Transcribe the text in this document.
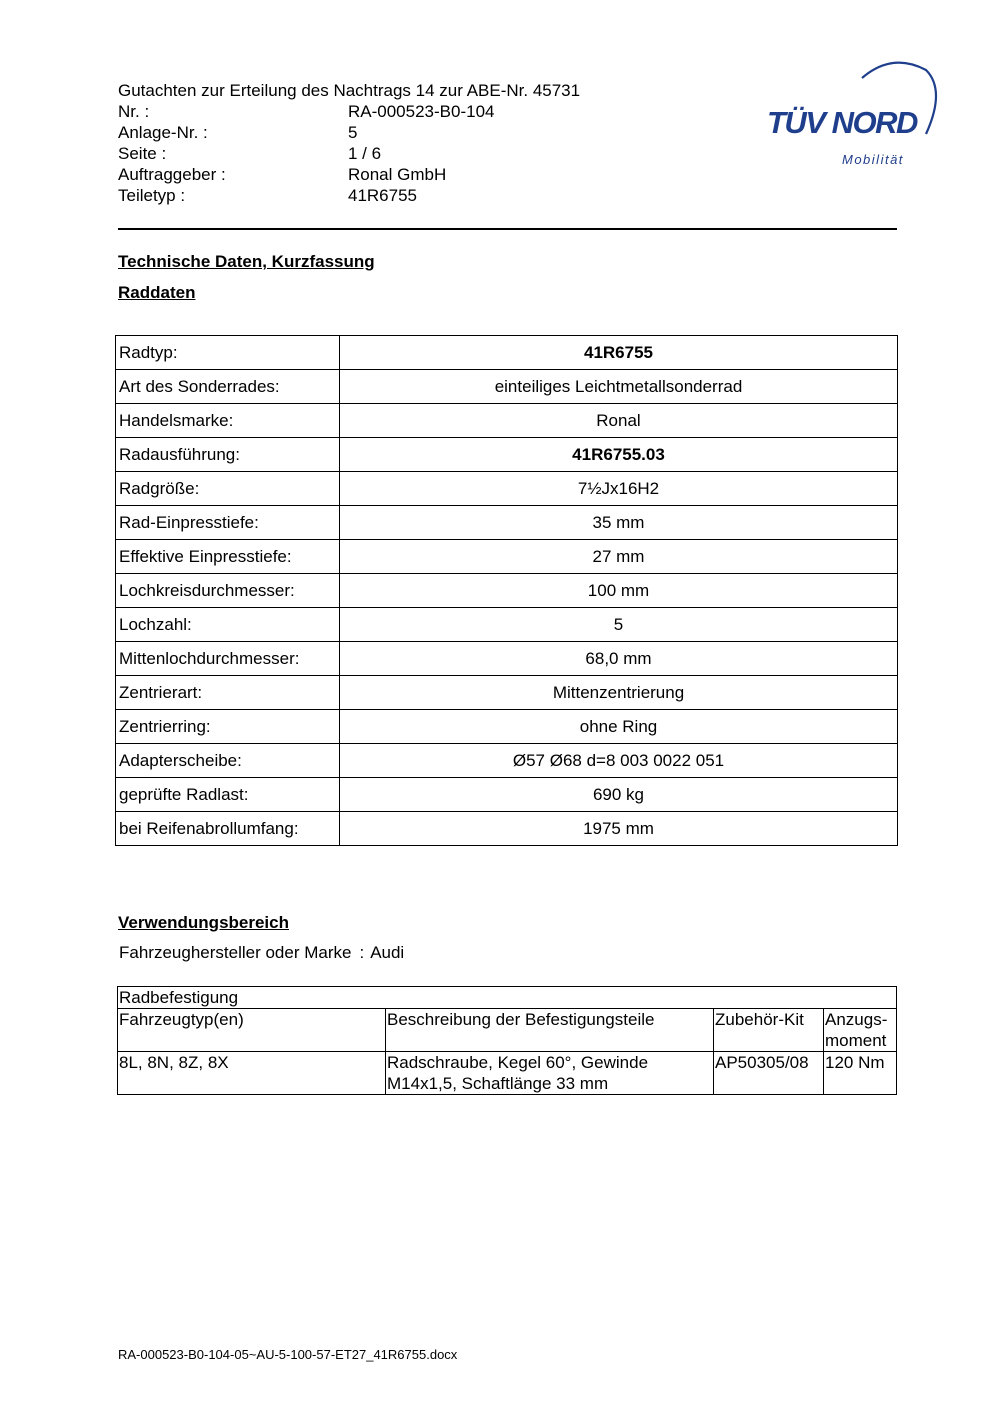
Gutachten zur Erteilung des Nachtrags 14 zur ABE-Nr. 45731
Nr. :	RA-000523-B0-104
Anlage-Nr. :	5
Seite :	1 / 6
Auftraggeber :	Ronal GmbH
Teiletyp :	41R6755
TÜV NORD
Mobilität
Technische Daten, Kurzfassung
Raddaten
Radtyp:	41R6755
Art des Sonderrades:	einteiliges Leichtmetallsonderrad
Handelsmarke:	Ronal
Radausführung:	41R6755.03
Radgröße:	7½Jx16H2
Rad-Einpresstiefe:	35 mm
Effektive Einpresstiefe:	27 mm
Lochkreisdurchmesser:	100 mm
Lochzahl:	5
Mittenlochdurchmesser:	68,0 mm
Zentrierart:	Mittenzentrierung
Zentrierring:	ohne Ring
Adapterscheibe:	Ø57 Ø68 d=8 003 0022 051
geprüfte Radlast:	690 kg
bei Reifenabrollumfang:	1975 mm
Verwendungsbereich
Fahrzeughersteller oder Marke : Audi
Radbefestigung			
Fahrzeugtyp(en)	Beschreibung der Befestigungsteile	Zubehör-Kit	Anzugs-
moment
8L, 8N, 8Z, 8X	Radschraube, Kegel 60°, Gewinde M14x1,5, Schaftlänge 33 mm	AP50305/08	120 Nm
RA-000523-B0-104-05~AU-5-100-57-ET27_41R6755.docx
